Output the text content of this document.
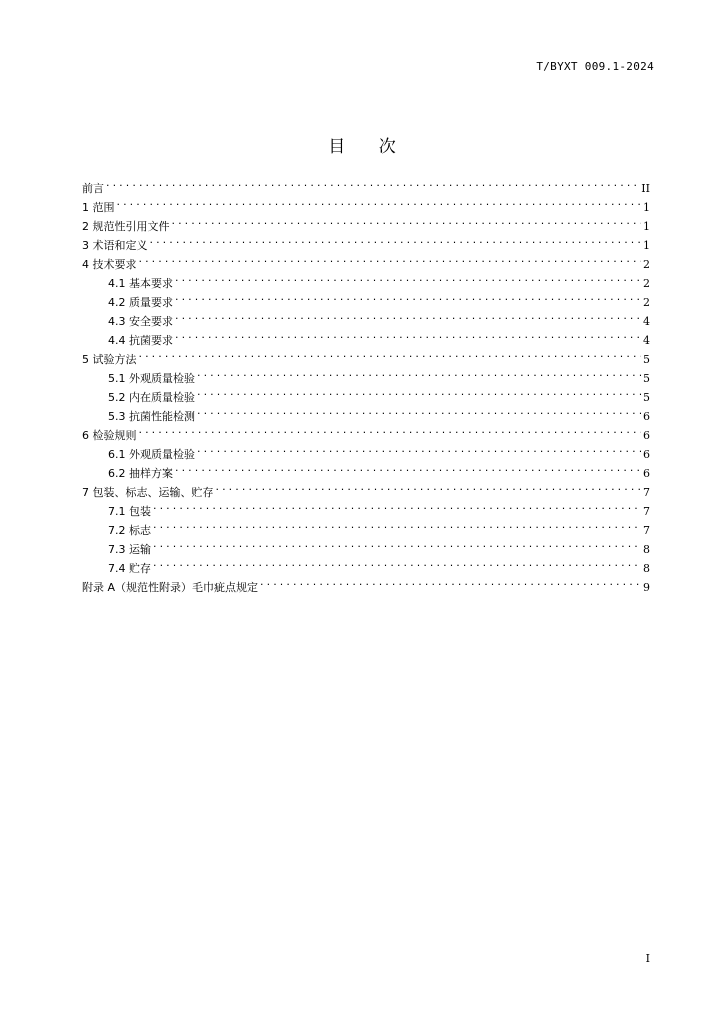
T/BYXT 009.1-2024
目 次
前言 . . .	II
1 范围 . . .	1
2 规范性引用文件 . . .	1
3 术语和定义 . . .	1
4 技术要求 . . .	2
4.1 基本要求 . . .	2
4.2 质量要求 . . .	2
4.3 安全要求 . . .	4
4.4 抗菌要求 . . .	4
5 试验方法 . . .	5
5.1 外观质量检验 . . .	5
5.2 内在质量检验 . . .	5
5.3 抗菌性能检测 . . .	6
6 检验规则 . . .	6
6.1 外观质量检验 . . .	6
6.2 抽样方案 . . .	6
7 包装、标志、运输、贮存 . . .	7
7.1 包装 . . .	7
7.2 标志 . . .	7
7.3 运输 . . .	8
7.4 贮存 . . .	8
附录 A（规范性附录）毛巾疵点规定 . . .	9
I
